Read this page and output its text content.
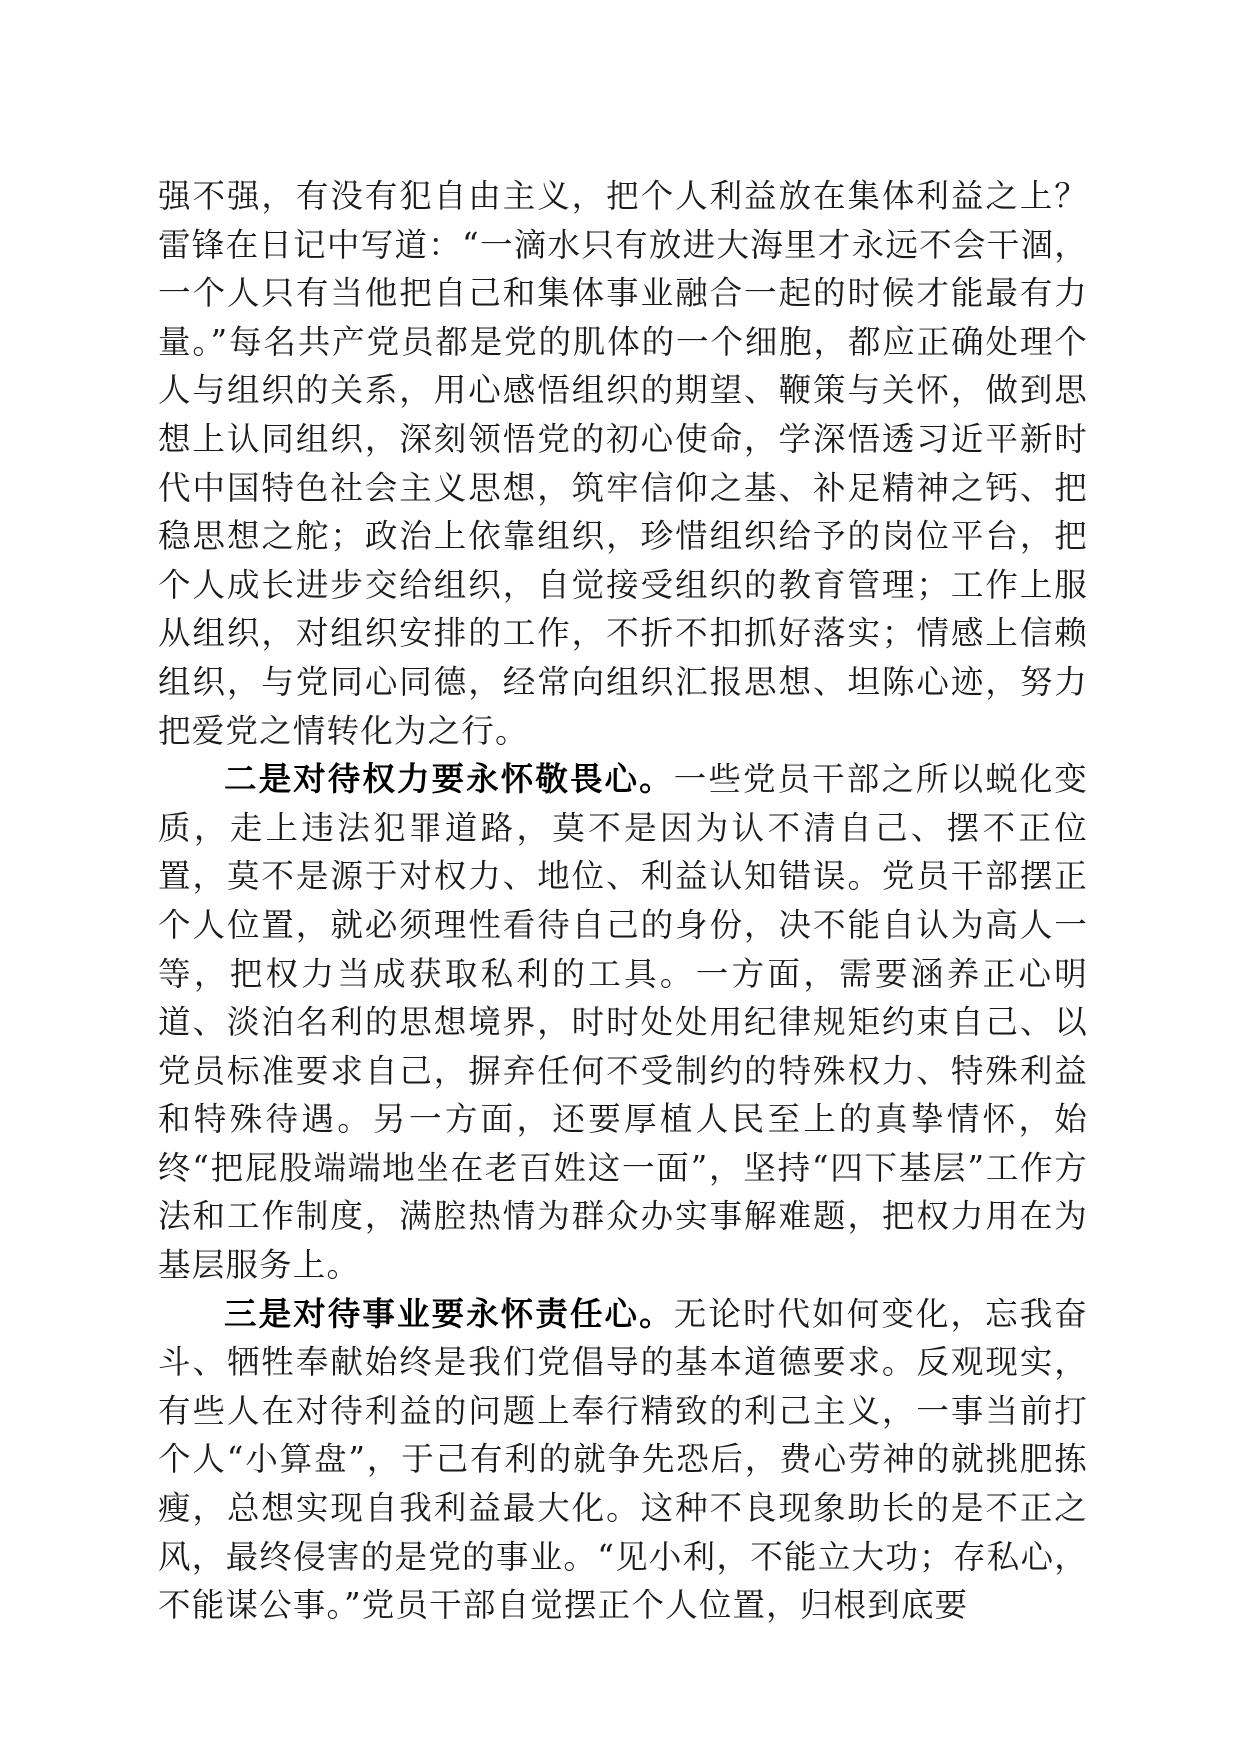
强不强，有没有犯自由主义，把个人利益放在集体利益之上？雷锋在日记中写道：“一滴水只有放进大海里才永远不会干涸，一个人只有当他把自己和集体事业融合一起的时候才能最有力量。”每名共产党员都是党的肌体的一个细胞，都应正确处理个人与组织的关系，用心感悟组织的期望、鞭策与关怀，做到思想上认同组织，深刻领悟党的初心使命，学深悟透习近平新时代中国特色社会主义思想，筑牢信仰之基、补足精神之钙、把稳思想之舵；政治上依靠组织，珍惜组织给予的岗位平台，把个人成长进步交给组织，自觉接受组织的教育管理；工作上服从组织，对组织安排的工作，不折不扣抓好落实；情感上信赖组织，与党同心同德，经常向组织汇报思想、坦陈心迹，努力把爱党之情转化为之行。

二是对待权力要永怀敬畏心。一些党员干部之所以蜕化变质，走上违法犯罪道路，莫不是因为认不清自己、摆不正位置，莫不是源于对权力、地位、利益认知错误。党员干部摆正个人位置，就必须理性看待自己的身份，决不能自认为高人一等，把权力当成获取私利的工具。一方面，需要涵养正心明道、淡泊名利的思想境界，时时处处用纪律规矩约束自己、以党员标准要求自己，摒弃任何不受制约的特殊权力、特殊利益和特殊待遇。另一方面，还要厚植人民至上的真挚情怀，始终“把屁股端端地坐在老百姓这一面”，坚持“四下基层”工作方法和工作制度，满腔热情为群众办实事解难题，把权力用在为基层服务上。

三是对待事业要永怀责任心。无论时代如何变化，忘我奋斗、牺牲奉献始终是我们党倡导的基本道德要求。反观现实，有些人在对待利益的问题上奉行精致的利己主义，一事当前打个人“小算盘”，于己有利的就争先恐后，费心劳神的就挑肥拣瘦，总想实现自我利益最大化。这种不良现象助长的是不正之风，最终侵害的是党的事业。“见小利，不能立大功；存私心，不能谋公事。”党员干部自觉摆正个人位置，归根到底要
